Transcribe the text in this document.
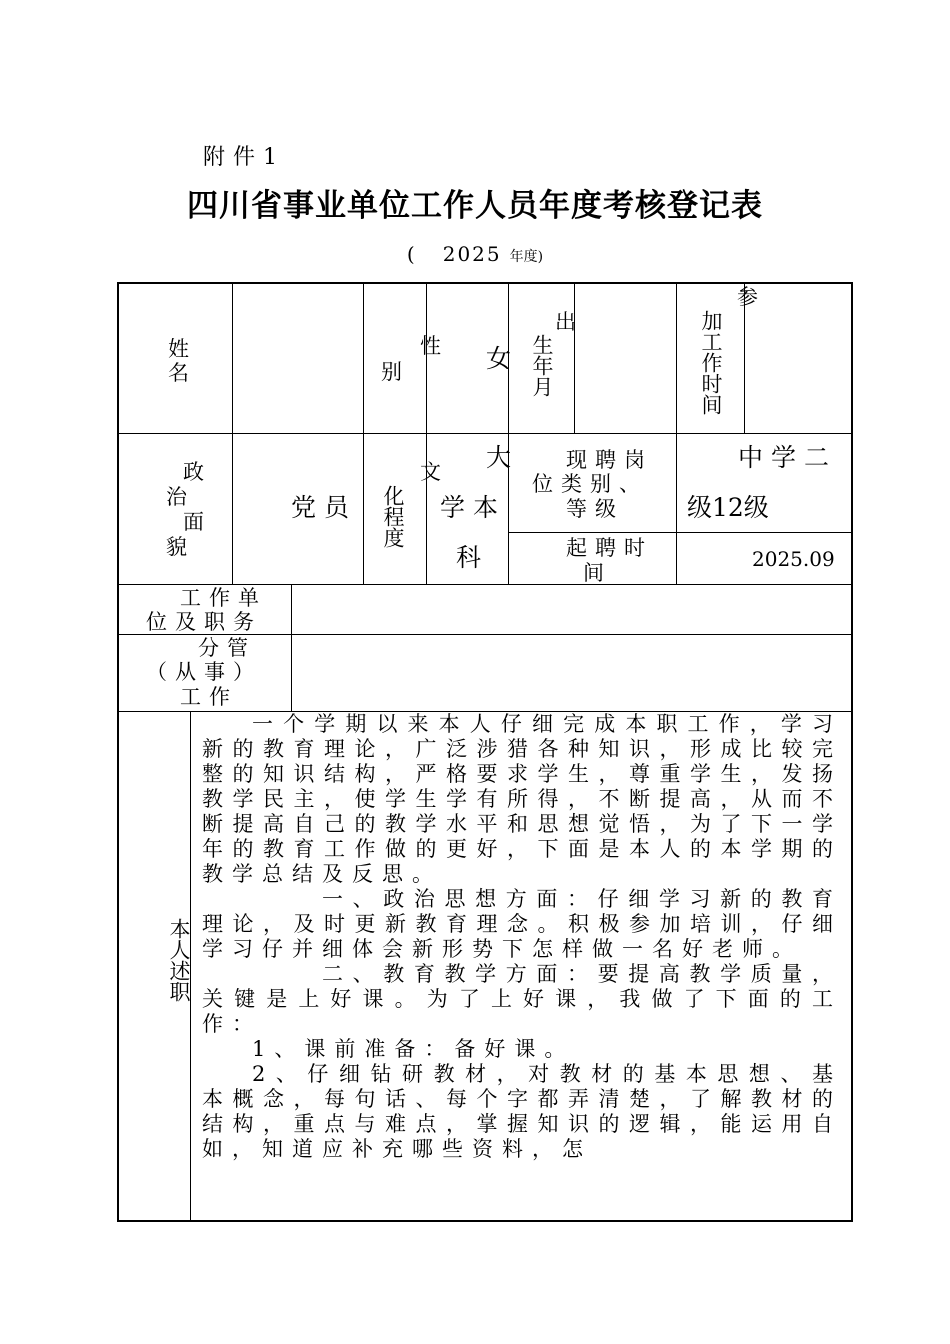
附件1
四川省事业单位工作人员年度考核登记表
( 2025 年度)
姓名
性
别	女
出
生年月
参
加工作时间
政
治
面
貌
党员
文
化程度
大
学本
科
现聘岗
位类别、
等级
中学二
级12级
起聘时
间
2025.09
工作单
位及职务
分管
（从事）
工作
本人述职

一个学期以来本人仔细完成本职工作，学习新的教育理论，广泛涉猎各种知识，形成比较完整的知识结构，严格要求学生，尊重学生，发扬教学民主，使学生学有所得，不断提高，从而不断提高自己的教学水平和思想觉悟，为了下一学年的教育工作做的更好，下面是本人的本学期的教学总结及反思。

一、政治思想方面：仔细学习新的教育理论，及时更新教育理念。积极参加培训，仔细学习仔并细体会新形势下怎样做一名好老师。

二、教育教学方面：要提高教学质量，关键是上好课。为了上好课，我做了下面的工作：

1、课前准备：备好课。

2、仔细钻研教材，对教材的基本思想、基本概念，每句话、每个字都弄清楚，了解教材的结构，重点与难点，掌握知识的逻辑，能运用自如，知道应补充哪些资料，怎
